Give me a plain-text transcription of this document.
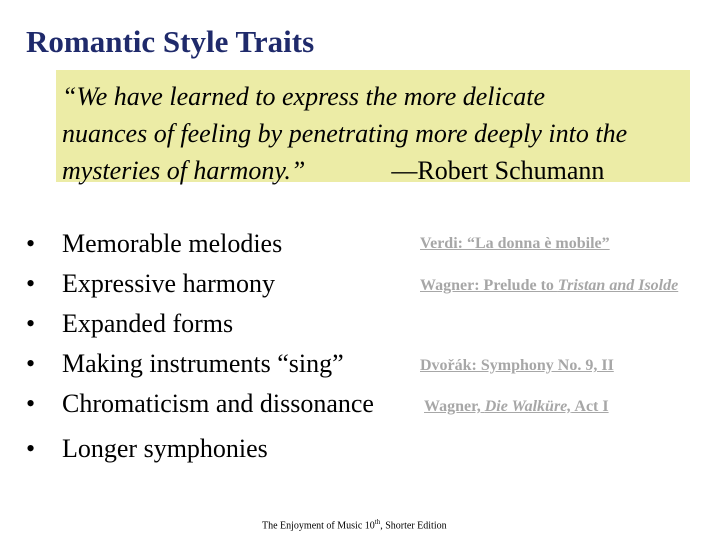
Romantic Style Traits
“We have learned to express the more delicate
nuances of feeling by penetrating more deeply into the
mysteries of harmony.”	—Robert Schumann
• Memorable melodies
• Expressive harmony
• Expanded forms
• Making instruments “sing”
• Chromaticism and dissonance
• Longer symphonies
Verdi: “La donna è mobile”
Wagner: Prelude to Tristan and Isolde
Dvořák: Symphony No. 9, II
Wagner, Die Walküre, Act I
The Enjoyment of Music 10th, Shorter Edition
